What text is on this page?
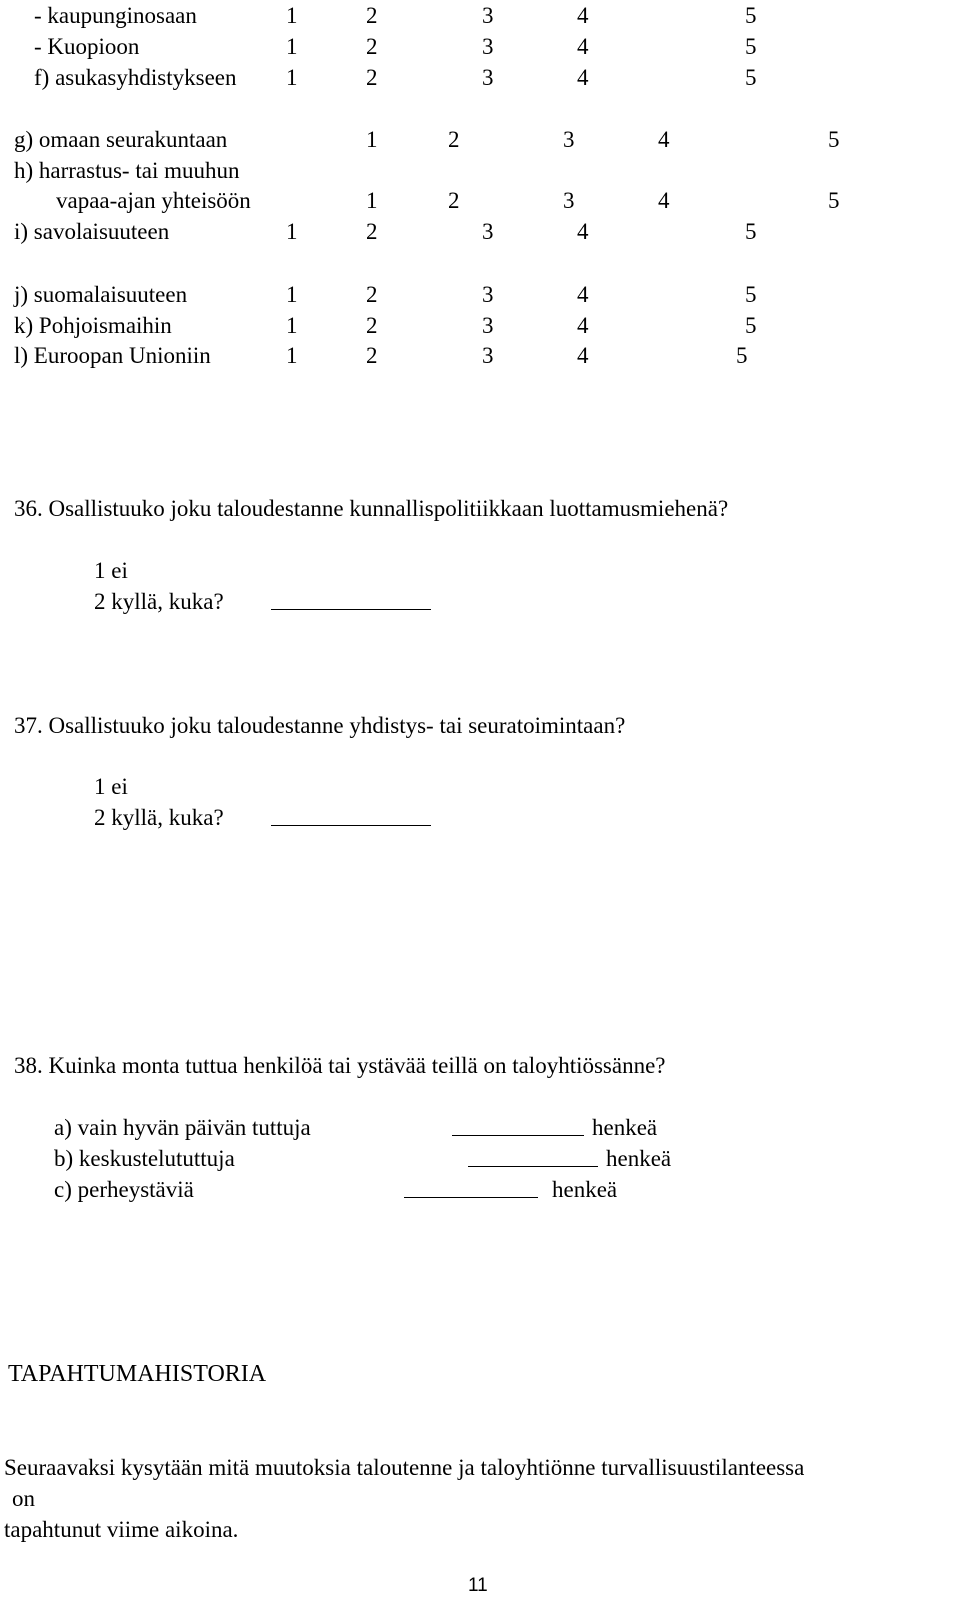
- kaupunginosaan	1	2	3	4	5
- Kuopioon	1	2	3	4	5
f) asukasyhdistykseen 1	2	3	4	5
g) omaan seurakuntaan	1	2	3	4	5
h) harrastus- tai muuhun
vapaa-ajan yhteisöön	1	2	3	4	5
i) savolaisuuteen	1	2	3	4	5
j) suomalaisuuteen	1	2	3	4	5
k) Pohjoismaihin	1	2	3	4	5
l) Euroopan Unioniin	1	2	3	4	5
36. Osallistuuko joku taloudestanne kunnallispolitiikkaan luottamusmiehenä?
1 ei
2 kyllä, kuka?
37. Osallistuuko joku taloudestanne yhdistys- tai seuratoimintaan?
1 ei
2 kyllä, kuka?
38. Kuinka monta tuttua henkilöä tai ystävää teillä on taloyhtiössänne?
a) vain hyvän päivän tuttuja	henkeä
b) keskustelututtuja	henkeä
c) perheystäviä	henkeä
TAPAHTUMAHISTORIA
Seuraavaksi kysytään mitä muutoksia taloutenne ja taloyhtiönne turvallisuustilanteessa
on
tapahtunut viime aikoina.
11
